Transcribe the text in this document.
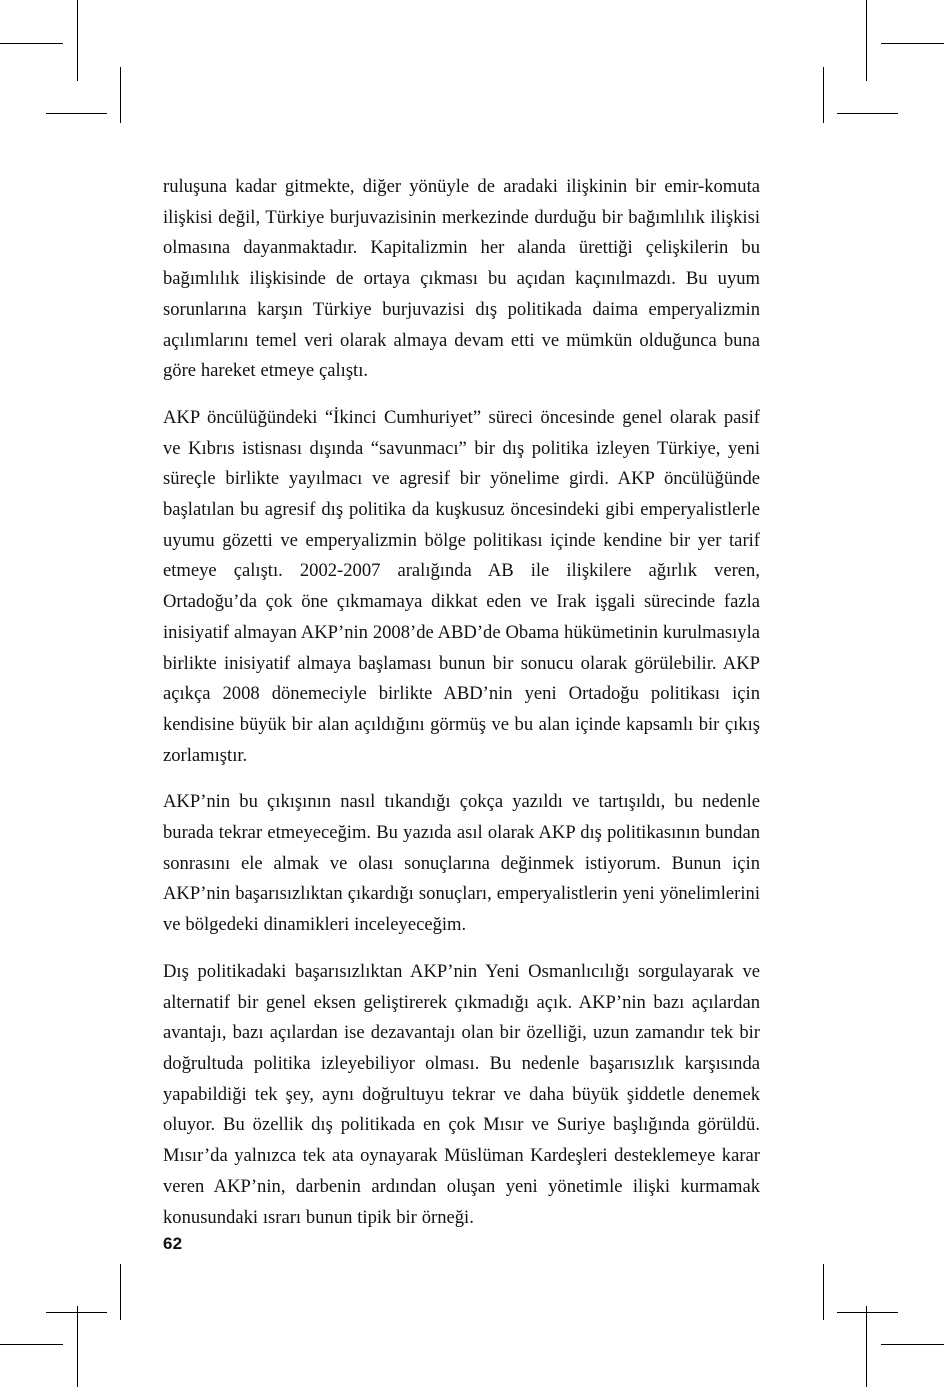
ruluşuna kadar gitmekte, diğer yönüyle de aradaki ilişkinin bir emir-komuta ilişkisi değil, Türkiye burjuvazisinin merkezinde durduğu bir bağımlılık ilişkisi olmasına dayanmaktadır. Kapitalizmin her alanda ürettiği çelişkilerin bu bağımlılık ilişkisinde de ortaya çıkması bu açıdan kaçınılmazdı. Bu uyum sorunlarına karşın Türkiye burjuvazisi dış politikada daima emperyalizmin açılımlarını temel veri olarak almaya devam etti ve mümkün olduğunca buna göre hareket etmeye çalıştı.

AKP öncülüğündeki “İkinci Cumhuriyet” süreci öncesinde genel olarak pasif ve Kıbrıs istisnası dışında “savunmacı” bir dış politika izleyen Türkiye, yeni süreçle birlikte yayılmacı ve agresif bir yönelime girdi. AKP öncülüğünde başlatılan bu agresif dış politika da kuşkusuz öncesindeki gibi emperyalistlerle uyumu gözetti ve emperyalizmin bölge politikası içinde kendine bir yer tarif etmeye çalıştı. 2002-2007 aralığında AB ile ilişkilere ağırlık veren, Ortadoğu’da çok öne çıkmamaya dikkat eden ve Irak işgali sürecinde fazla inisiyatif almayan AKP’nin 2008’de ABD’de Obama hükümetinin kurulmasıyla birlikte inisiyatif almaya başlaması bunun bir sonucu olarak görülebilir. AKP açıkça 2008 dönemeciyle birlikte ABD’nin yeni Ortadoğu politikası için kendisine büyük bir alan açıldığını görmüş ve bu alan içinde kapsamlı bir çıkış zorlamıştır.

AKP’nin bu çıkışının nasıl tıkandığı çokça yazıldı ve tartışıldı, bu nedenle burada tekrar etmeyeceğim. Bu yazıda asıl olarak AKP dış politikasının bundan sonrasını ele almak ve olası sonuçlarına değinmek istiyorum. Bunun için AKP’nin başarısızlıktan çıkardığı sonuçları, emperyalistlerin yeni yönelimlerini ve bölgedeki dinamikleri inceleyeceğim.

Dış politikadaki başarısızlıktan AKP’nin Yeni Osmanlıcılığı sorgulayarak ve alternatif bir genel eksen geliştirerek çıkmadığı açık. AKP’nin bazı açılardan avantajı, bazı açılardan ise dezavantajı olan bir özelliği, uzun zamandır tek bir doğrultuda politika izleyebiliyor olması. Bu nedenle başarısızlık karşısında yapabildiği tek şey, aynı doğrultuyu tekrar ve daha büyük şiddetle denemek oluyor. Bu özellik dış politikada en çok Mısır ve Suriye başlığında görüldü. Mısır’da yalnızca tek ata oynayarak Müslüman Kardeşleri desteklemeye karar veren AKP’nin, darbenin ardından oluşan yeni yönetimle ilişki kurmamak konusundaki ısrarı bunun tipik bir örneği.

62
